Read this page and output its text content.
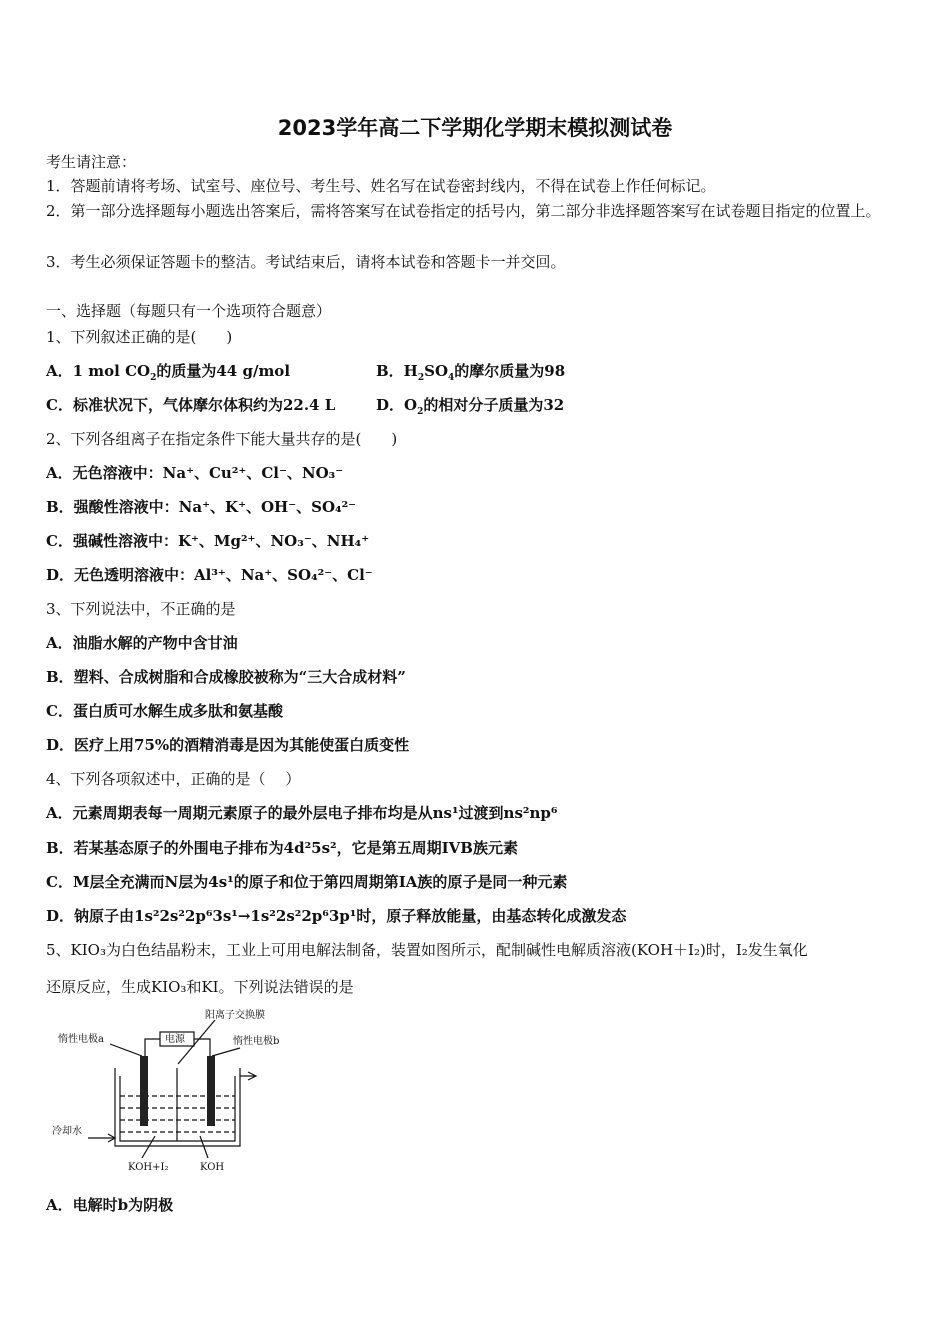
2023学年高二下学期化学期末模拟测试卷
考生请注意：
1．答题前请将考场、试室号、座位号、考生号、姓名写在试卷密封线内，不得在试卷上作任何标记。
2．第一部分选择题每小题选出答案后，需将答案写在试卷指定的括号内，第二部分非选择题答案写在试卷题目指定的位置上。
3．考生必须保证答题卡的整洁。考试结束后，请将本试卷和答题卡一并交回。
一、选择题（每题只有一个选项符合题意）
1、下列叙述正确的是(　　)
A．1 mol $CO_2$的质量为44 g/mol	B．$H_2SO_4$的摩尔质量为98
C．标准状况下，气体摩尔体积约为22.4 L	D．$O_2$的相对分子质量为32
2、下列各组离子在指定条件下能大量共存的是(　　)
A．无色溶液中：Na⁺、Cu²⁺、Cl⁻、NO₃⁻
B．强酸性溶液中：Na⁺、K⁺、OH⁻、SO₄²⁻
C．强碱性溶液中：K⁺、Mg²⁺、NO₃⁻、NH₄⁺
D．无色透明溶液中：Al³⁺、Na⁺、SO₄²⁻、Cl⁻
3、下列说法中，不正确的是
A．油脂水解的产物中含甘油
B．塑料、合成树脂和合成橡胶被称为“三大合成材料”
C．蛋白质可水解生成多肽和氨基酸
D．医疗上用75%的酒精消毒是因为其能使蛋白质变性
4、下列各项叙述中，正确的是（　 ）
A．元素周期表每一周期元素原子的最外层电子排布均是从ns¹过渡到ns²np⁶
B．若某基态原子的外围电子排布为4d²5s²，它是第五周期IVB族元素
C．M层全充满而N层为4s¹的原子和位于第四周期第ⅠA族的原子是同一种元素
D．钠原子由1s²2s²2p⁶3s¹→1s²2s²2p⁶3p¹时，原子释放能量，由基态转化成激发态
5、KIO₃为白色结晶粉末，工业上可用电解法制备，装置如图所示，配制碱性电解质溶液(KOH＋I₂)时，I₂发生氧化
还原反应，生成KIO₃和KI。下列说法错误的是
阳离子交换膜
惰性电极a	惰性电极b
电源
冷却水
KOH+I₂	KOH
A．电解时b为阴极
